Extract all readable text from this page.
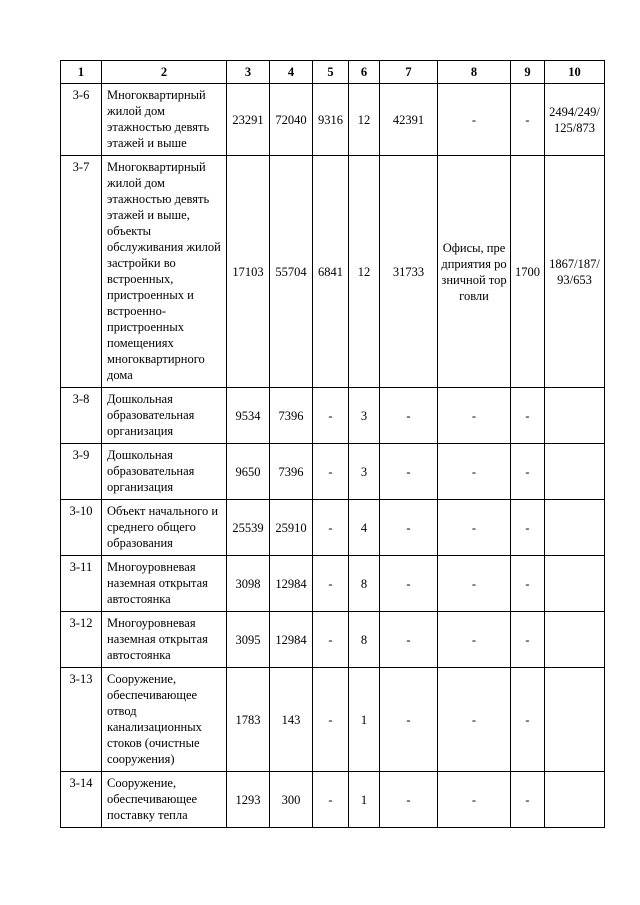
1	2	3	4	5	6	7	8	9	10
3-6	Многоквартирный жилой дом этажностью девять этажей и выше	23291	72040	9316	12	42391	-	-	2494/249/125/873
3-7	Многоквартирный жилой дом этажностью девять этажей и выше, объекты обслуживания жилой застройки во встроенных, пристроенных и встроенно-пристроенных помещениях многоквартирного дома	17103	55704	6841	12	31733	Офисы, предприятия розничной торговли	1700	1867/187/93/653
3-8	Дошкольная образовательная организация	9534	7396	-	3	-	-	-	
3-9	Дошкольная образовательная организация	9650	7396	-	3	-	-	-	
3-10	Объект начального и среднего общего образования	25539	25910	-	4	-	-	-	
3-11	Многоуровневая наземная открытая автостоянка	3098	12984	-	8	-	-	-	
3-12	Многоуровневая наземная открытая автостоянка	3095	12984	-	8	-	-	-	
3-13	Сооружение, обеспечивающее отвод канализационных стоков (очистные сооружения)	1783	143	-	1	-	-	-	
3-14	Сооружение, обеспечивающее поставку тепла	1293	300	-	1	-	-	-	
